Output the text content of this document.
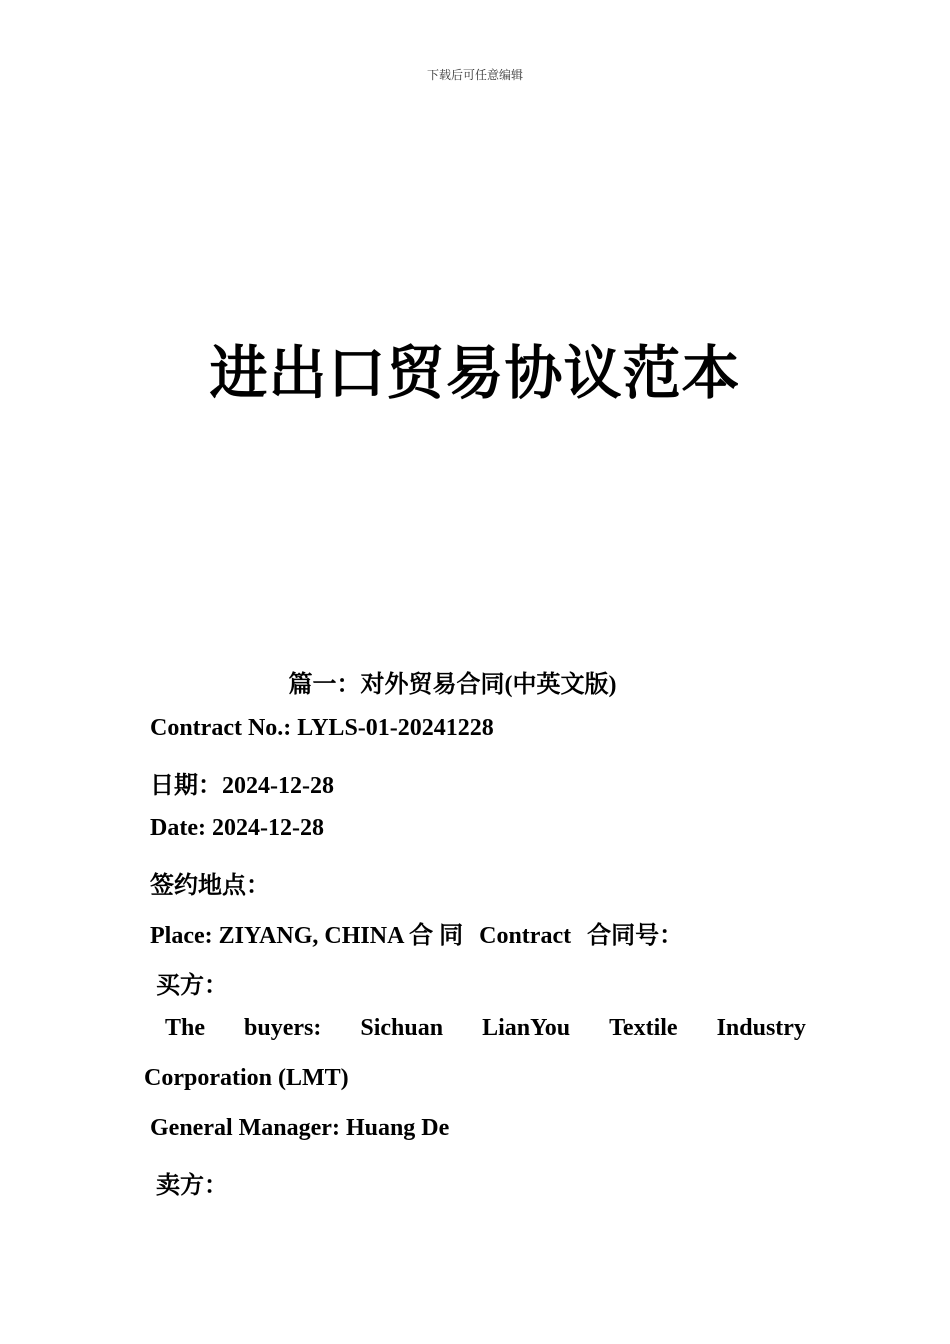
下载后可任意编辑
进出口贸易协议范本
篇一：对外贸易合同(中英文版)
Contract No.: LYLS-01-20241228
日期：2024-12-28
Date: 2024-12-28
签约地点：
Place: ZIYANG, CHINA 合 同 Contract 合同号：
买方：
The buyers: Sichuan LianYou Textile Industry
Corporation (LMT)
General Manager: Huang De
卖方：
